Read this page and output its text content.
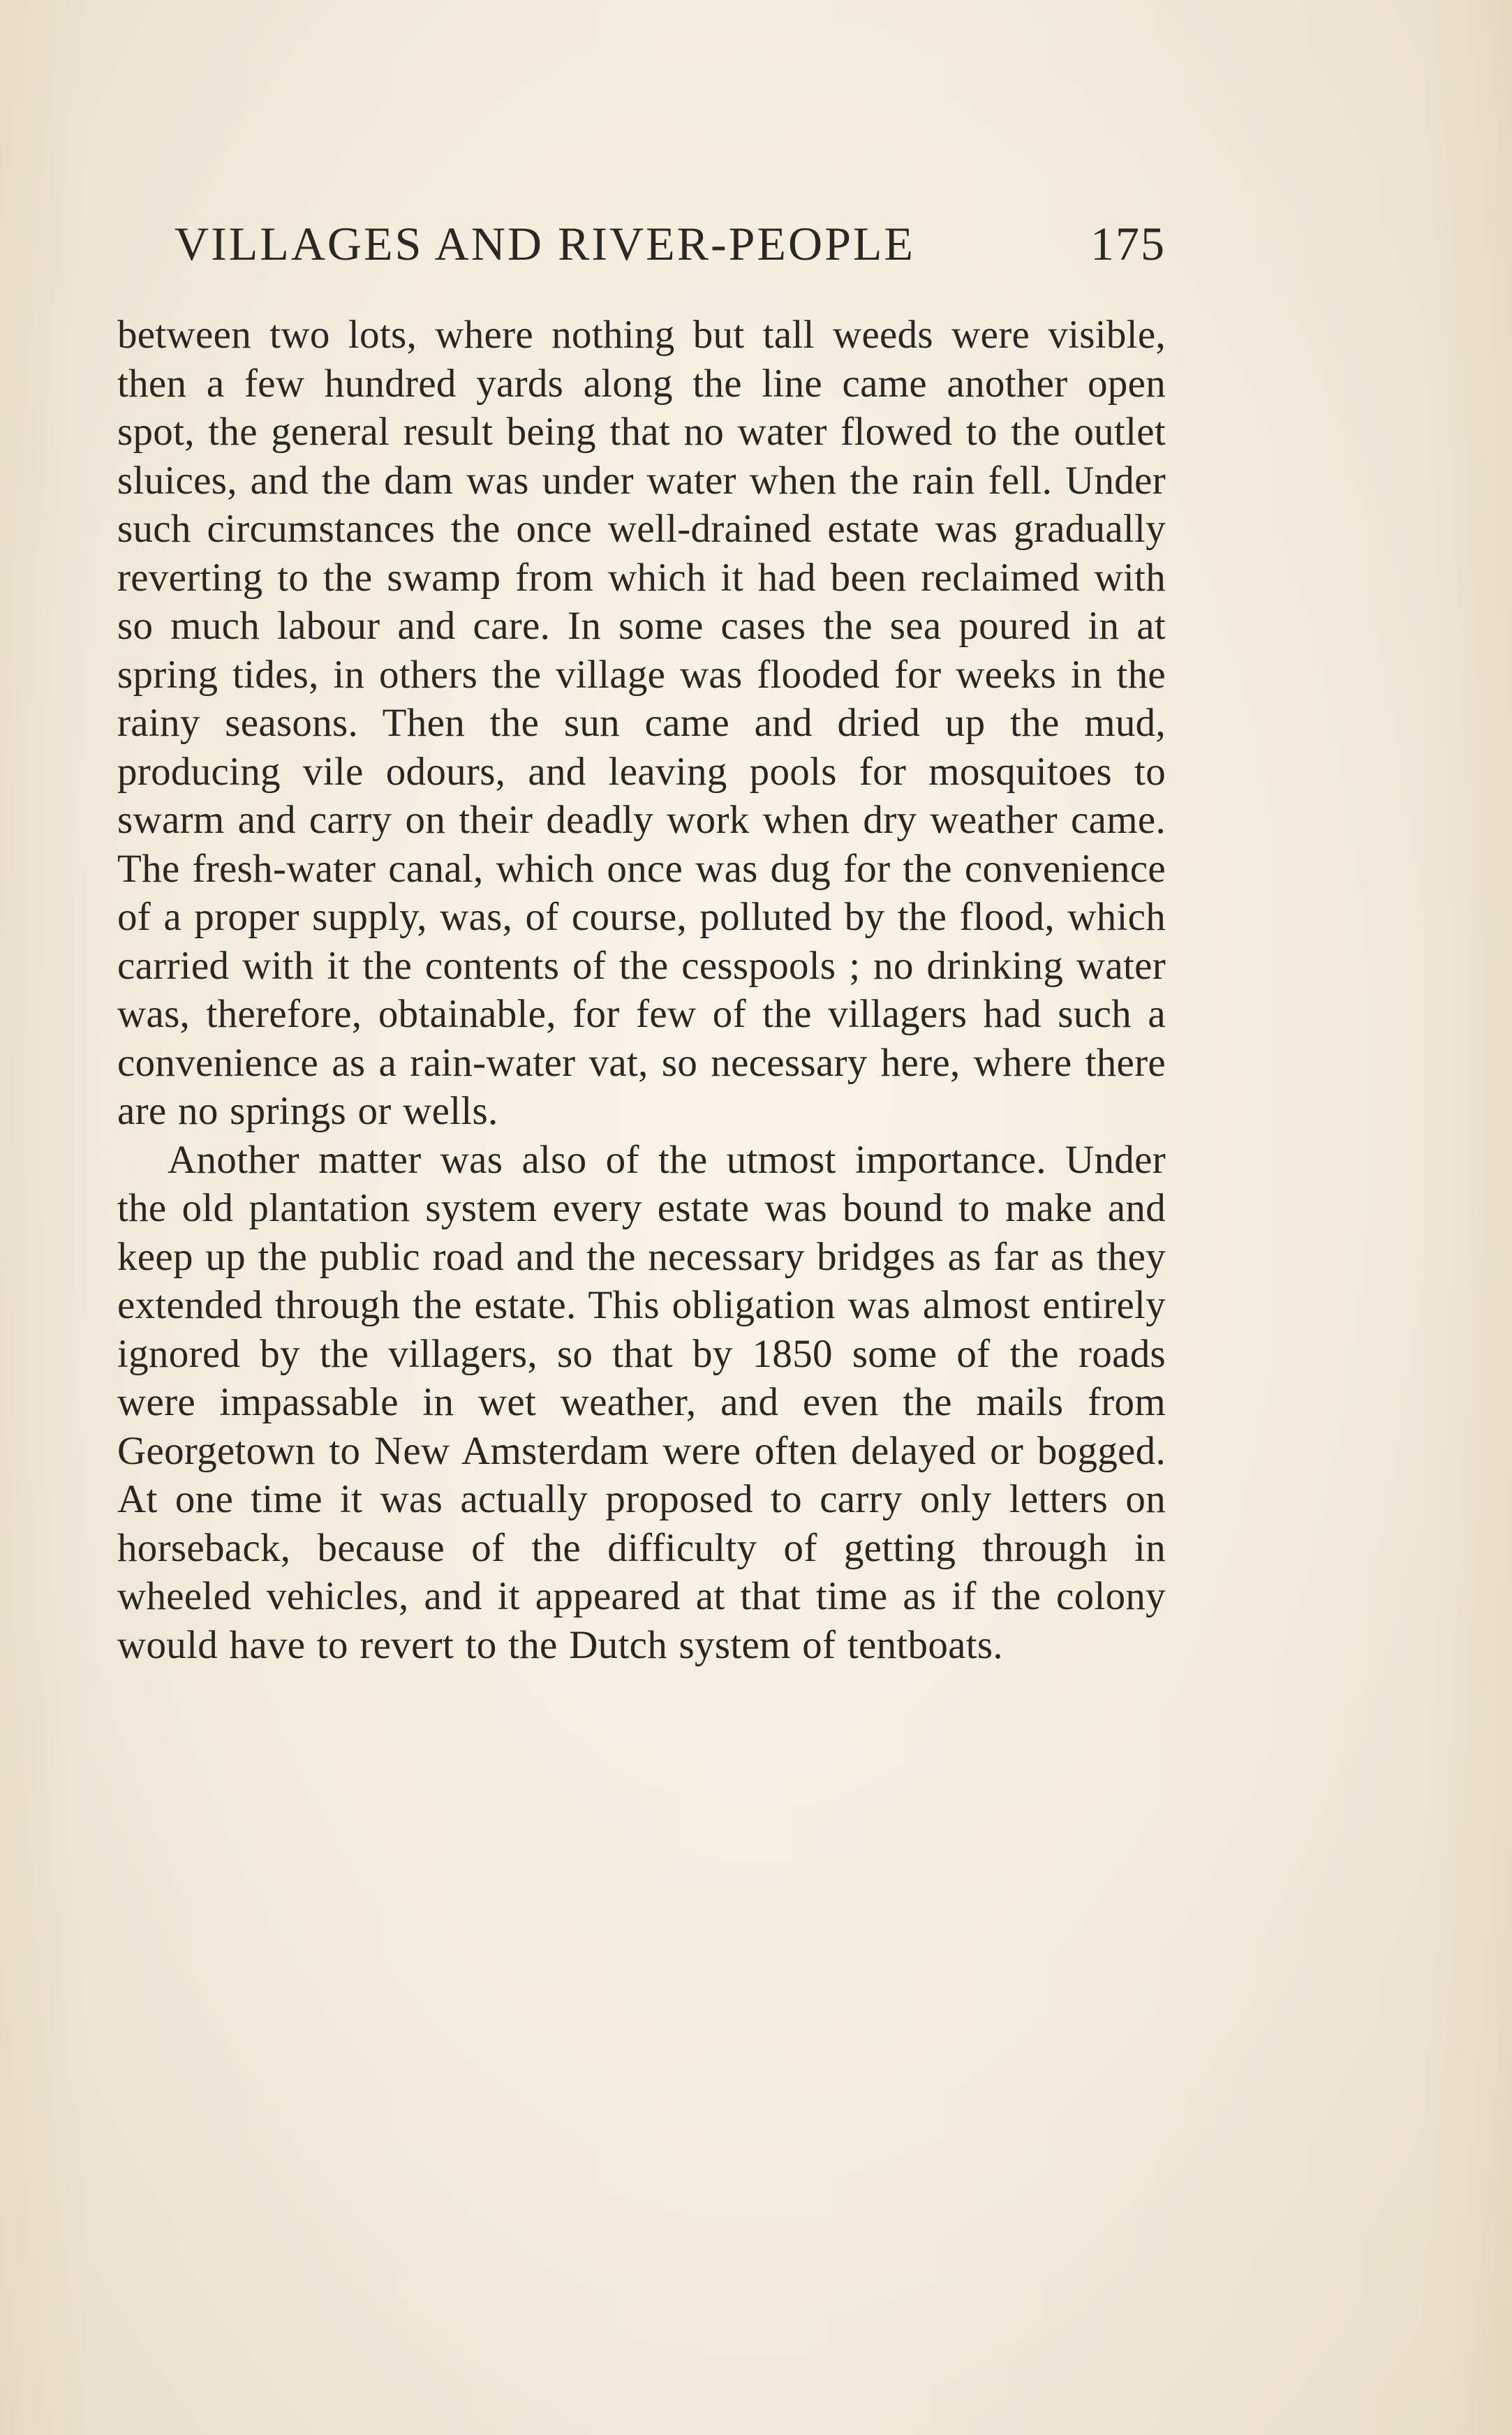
VILLAGES AND RIVER-PEOPLE	175

between two lots, where nothing but tall weeds were visible, then a few hundred yards along the line came another open spot, the general result being that no water flowed to the outlet sluices, and the dam was under water when the rain fell. Under such circumstances the once well-drained estate was gradually reverting to the swamp from which it had been reclaimed with so much labour and care. In some cases the sea poured in at spring tides, in others the village was flooded for weeks in the rainy seasons. Then the sun came and dried up the mud, producing vile odours, and leaving pools for mosquitoes to swarm and carry on their deadly work when dry weather came. The fresh-water canal, which once was dug for the convenience of a proper supply, was, of course, polluted by the flood, which carried with it the contents of the cesspools ; no drinking water was, therefore, obtainable, for few of the villagers had such a convenience as a rain-water vat, so necessary here, where there are no springs or wells.

Another matter was also of the utmost importance. Under the old plantation system every estate was bound to make and keep up the public road and the necessary bridges as far as they extended through the estate. This obligation was almost entirely ignored by the villagers, so that by 1850 some of the roads were impassable in wet weather, and even the mails from Georgetown to New Amsterdam were often delayed or bogged. At one time it was actually proposed to carry only letters on horseback, because of the difficulty of getting through in wheeled vehicles, and it appeared at that time as if the colony would have to revert to the Dutch system of tentboats.
